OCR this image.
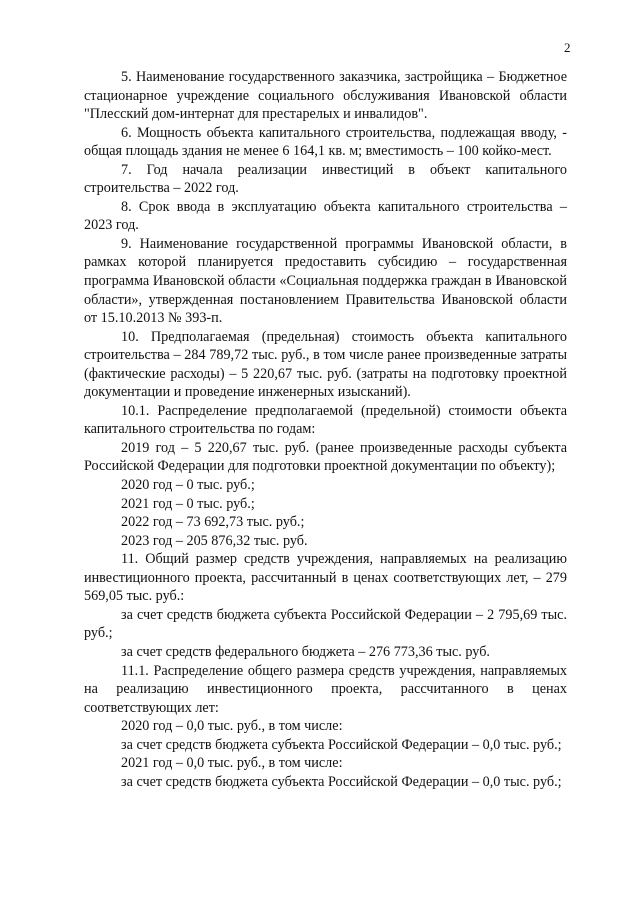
2

5. Наименование государственного заказчика, застройщика – Бюджетное стационарное учреждение социального обслуживания Ивановской области "Плесский дом-интернат для престарелых и инвалидов".

6. Мощность объекта капитального строительства, подлежащая вводу, - общая площадь здания не менее 6 164,1 кв. м; вместимость – 100 койко-мест.

7. Год начала реализации инвестиций в объект капитального строительства – 2022 год.

8. Срок ввода в эксплуатацию объекта капитального строительства – 2023 год.

9. Наименование государственной программы Ивановской области, в рамках которой планируется предоставить субсидию – государственная программа Ивановской области «Социальная поддержка граждан в Ивановской области», утвержденная постановлением Правительства Ивановской области от 15.10.2013 № 393-п.

10. Предполагаемая (предельная) стоимость объекта капитального строительства – 284 789,72 тыс. руб., в том числе ранее произведенные затраты (фактические расходы) – 5 220,67 тыс. руб. (затраты на подготовку проектной документации и проведение инженерных изысканий).

10.1. Распределение предполагаемой (предельной) стоимости объекта капитального строительства по годам:

2019 год – 5 220,67 тыс. руб. (ранее произведенные расходы субъекта Российской Федерации для подготовки проектной документации по объекту);

2020 год – 0 тыс. руб.;

2021 год – 0 тыс. руб.;

2022 год – 73 692,73 тыс. руб.;

2023 год – 205 876,32 тыс. руб.

11. Общий размер средств учреждения, направляемых на реализацию инвестиционного проекта, рассчитанный в ценах соответствующих лет, – 279 569,05 тыс. руб.:

за счет средств бюджета субъекта Российской Федерации – 2 795,69 тыс. руб.;

за счет средств федерального бюджета – 276 773,36 тыс. руб.

11.1. Распределение общего размера средств учреждения, направляемых на реализацию инвестиционного проекта, рассчитанного в ценах соответствующих лет:

2020 год – 0,0 тыс. руб., в том числе:

за счет средств бюджета субъекта Российской Федерации – 0,0 тыс. руб.;

2021 год – 0,0 тыс. руб., в том числе:

за счет средств бюджета субъекта Российской Федерации – 0,0 тыс. руб.;
